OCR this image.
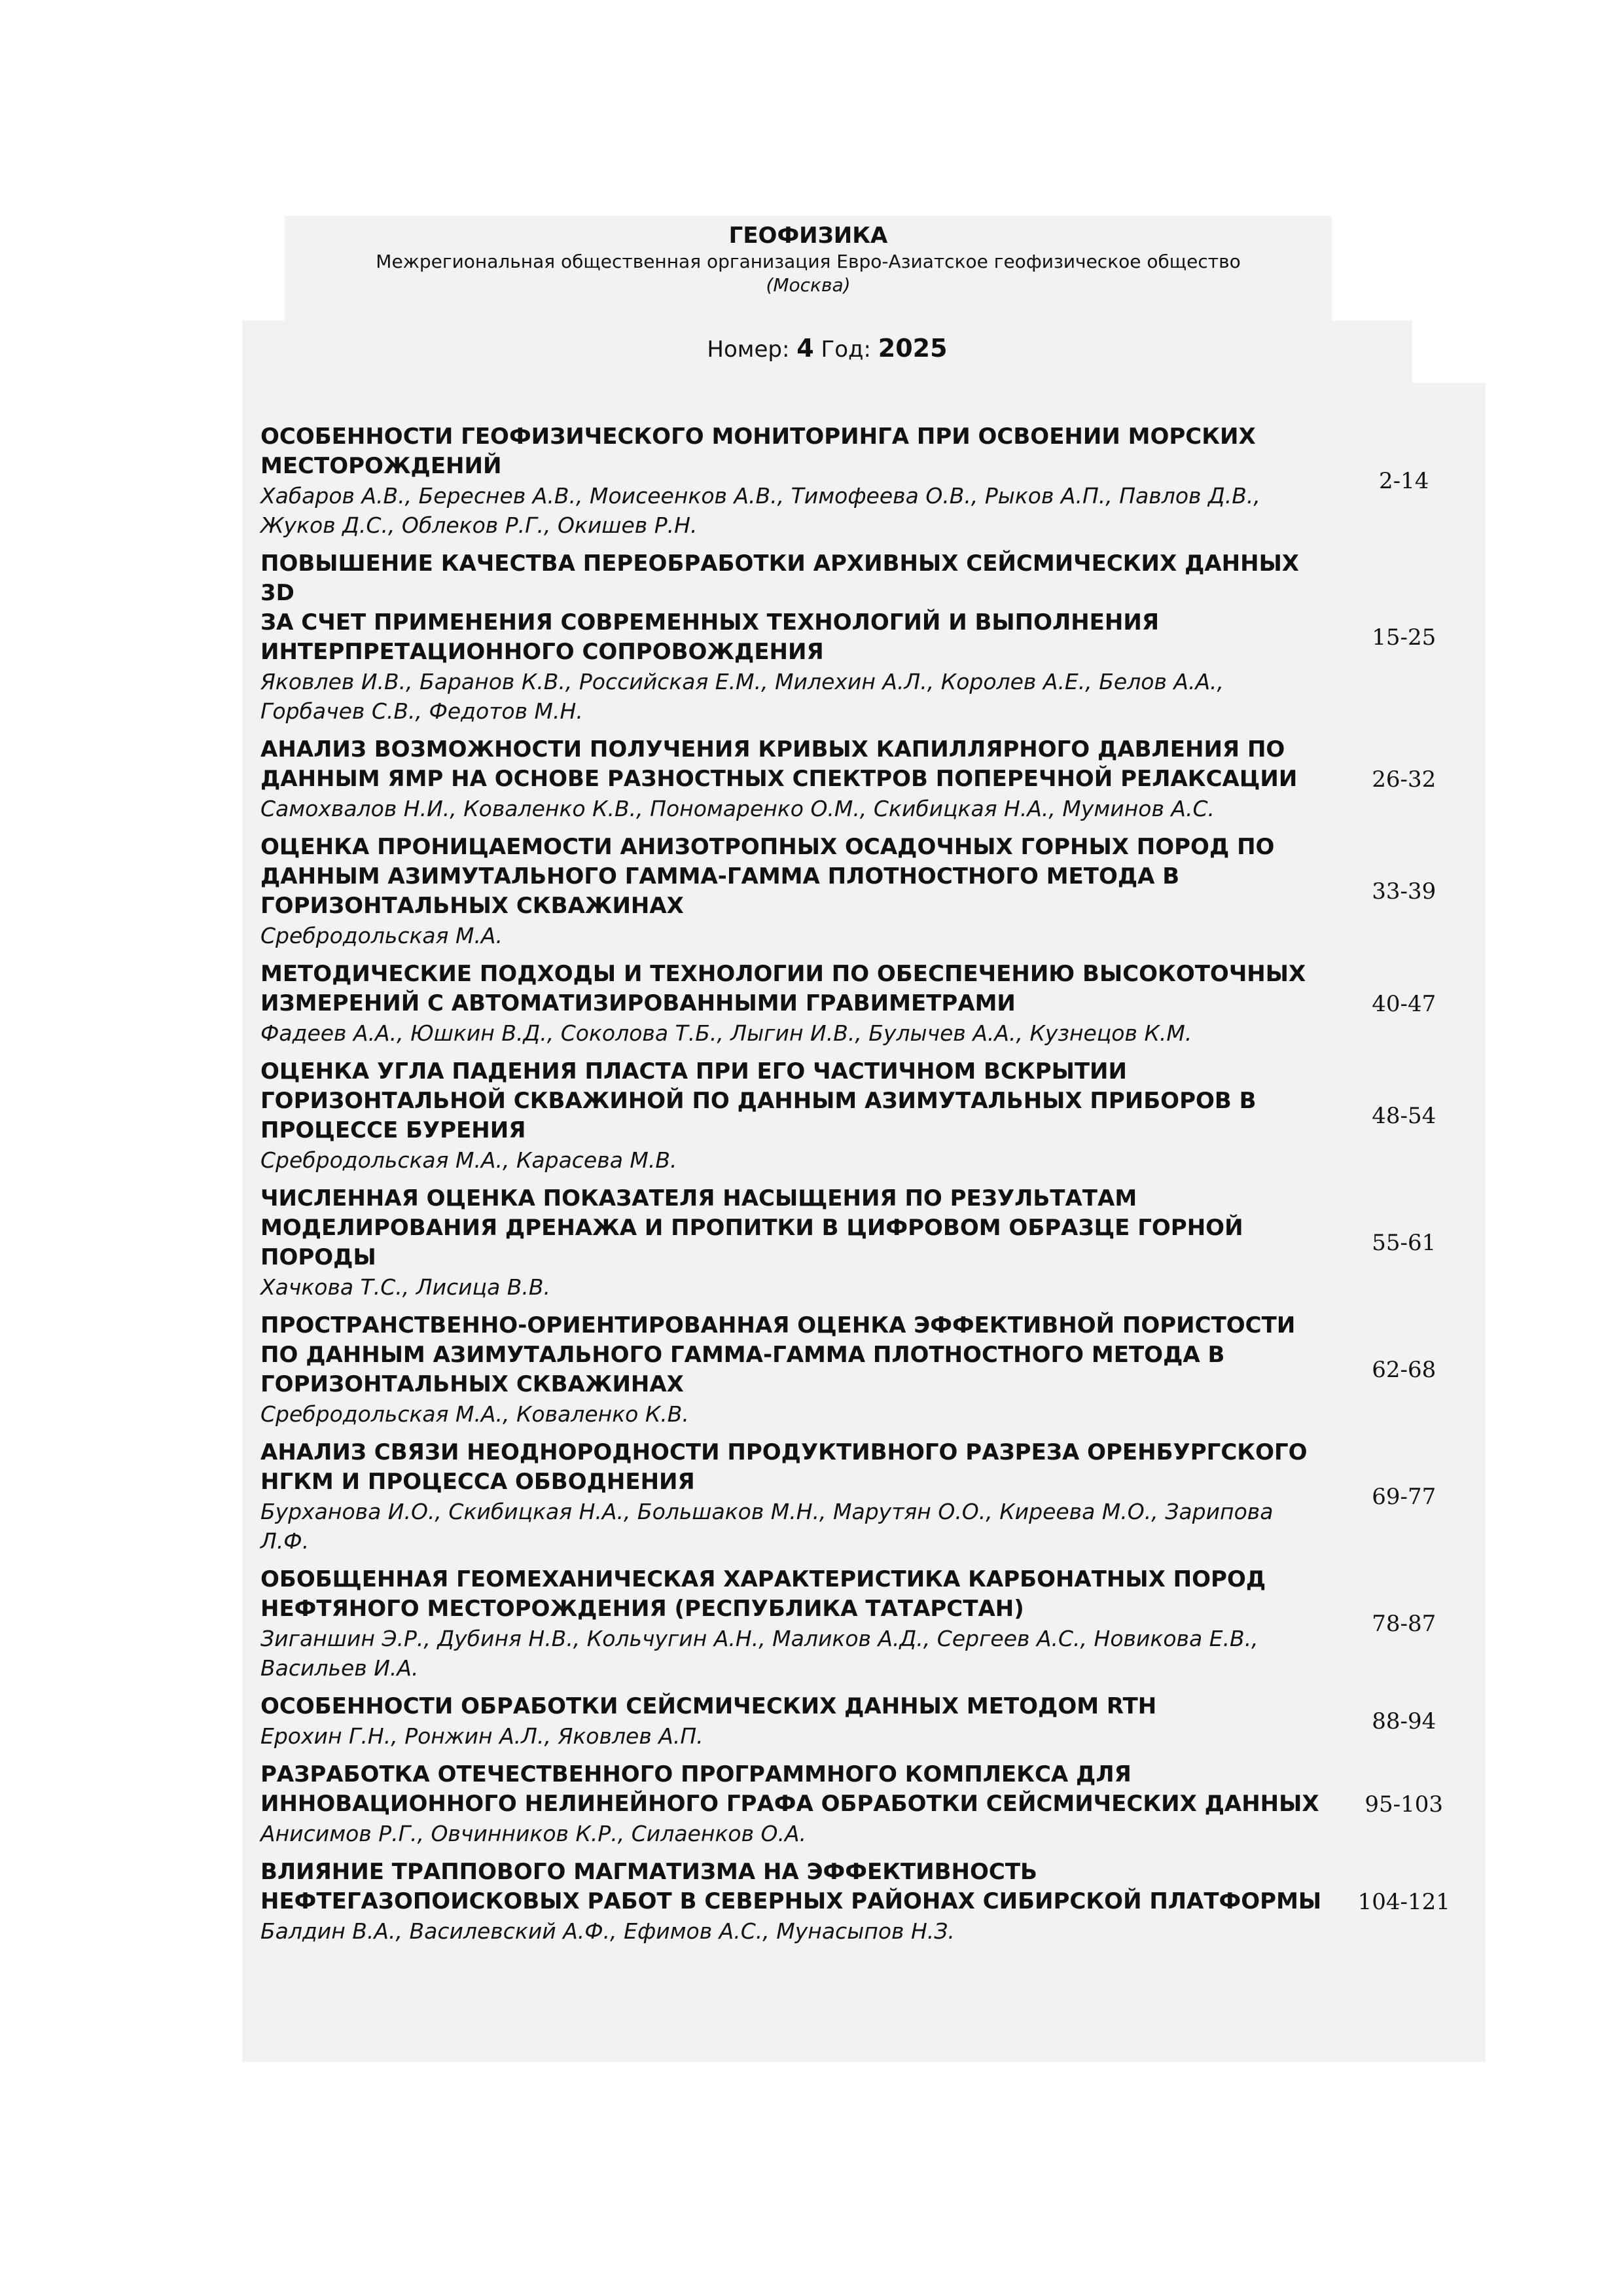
ГЕОФИЗИКА
Межрегиональная общественная организация Евро-Азиатское геофизическое общество
(Москва)
Номер: 4 Год: 2025
ОСОБЕННОСТИ ГЕОФИЗИЧЕСКОГО МОНИТОРИНГА ПРИ ОСВОЕНИИ МОРСКИХ
МЕСТОРОЖДЕНИЙ
Хабаров А.В., Береснев А.В., Моисеенков А.В., Тимофеева О.В., Рыков А.П., Павлов Д.В.,
Жуков Д.С., Облеков Р.Г., Окишев Р.Н.
2-14
ПОВЫШЕНИЕ КАЧЕСТВА ПЕРЕОБРАБОТКИ АРХИВНЫХ СЕЙСМИЧЕСКИХ ДАННЫХ 3D
ЗА СЧЕТ ПРИМЕНЕНИЯ СОВРЕМЕННЫХ ТЕХНОЛОГИЙ И ВЫПОЛНЕНИЯ
ИНТЕРПРЕТАЦИОННОГО СОПРОВОЖДЕНИЯ
Яковлев И.В., Баранов К.В., Российская Е.М., Милехин А.Л., Королев А.Е., Белов А.А.,
Горбачев С.В., Федотов М.Н.
15-25
АНАЛИЗ ВОЗМОЖНОСТИ ПОЛУЧЕНИЯ КРИВЫХ КАПИЛЛЯРНОГО ДАВЛЕНИЯ ПО
ДАННЫМ ЯМР НА ОСНОВЕ РАЗНОСТНЫХ СПЕКТРОВ ПОПЕРЕЧНОЙ РЕЛАКСАЦИИ
Самохвалов Н.И., Коваленко К.В., Пономаренко О.М., Скибицкая Н.А., Муминов А.С.
26-32
ОЦЕНКА ПРОНИЦАЕМОСТИ АНИЗОТРОПНЫХ ОСАДОЧНЫХ ГОРНЫХ ПОРОД ПО
ДАННЫМ АЗИМУТАЛЬНОГО ГАММА-ГАММА ПЛОТНОСТНОГО МЕТОДА В
ГОРИЗОНТАЛЬНЫХ СКВАЖИНАХ
Сребродольская М.А.
33-39
МЕТОДИЧЕСКИЕ ПОДХОДЫ И ТЕХНОЛОГИИ ПО ОБЕСПЕЧЕНИЮ ВЫСОКОТОЧНЫХ
ИЗМЕРЕНИЙ С АВТОМАТИЗИРОВАННЫМИ ГРАВИМЕТРАМИ
Фадеев А.А., Юшкин В.Д., Соколова Т.Б., Лыгин И.В., Булычев А.А., Кузнецов К.М.
40-47
ОЦЕНКА УГЛА ПАДЕНИЯ ПЛАСТА ПРИ ЕГО ЧАСТИЧНОМ ВСКРЫТИИ
ГОРИЗОНТАЛЬНОЙ СКВАЖИНОЙ ПО ДАННЫМ АЗИМУТАЛЬНЫХ ПРИБОРОВ В
ПРОЦЕССЕ БУРЕНИЯ
Сребродольская М.А., Карасева М.В.
48-54
ЧИСЛЕННАЯ ОЦЕНКА ПОКАЗАТЕЛЯ НАСЫЩЕНИЯ ПО РЕЗУЛЬТАТАМ
МОДЕЛИРОВАНИЯ ДРЕНАЖА И ПРОПИТКИ В ЦИФРОВОМ ОБРАЗЦЕ ГОРНОЙ
ПОРОДЫ
Хачкова Т.С., Лисица В.В.
55-61
ПРОСТРАНСТВЕННО-ОРИЕНТИРОВАННАЯ ОЦЕНКА ЭФФЕКТИВНОЙ ПОРИСТОСТИ
ПО ДАННЫМ АЗИМУТАЛЬНОГО ГАММА-ГАММА ПЛОТНОСТНОГО МЕТОДА В
ГОРИЗОНТАЛЬНЫХ СКВАЖИНАХ
Сребродольская М.А., Коваленко К.В.
62-68
АНАЛИЗ СВЯЗИ НЕОДНОРОДНОСТИ ПРОДУКТИВНОГО РАЗРЕЗА ОРЕНБУРГСКОГО
НГКМ И ПРОЦЕССА ОБВОДНЕНИЯ
Бурханова И.О., Скибицкая Н.А., Большаков М.Н., Марутян О.О., Киреева М.О., Зарипова
Л.Ф.
69-77
ОБОБЩЕННАЯ ГЕОМЕХАНИЧЕСКАЯ ХАРАКТЕРИСТИКА КАРБОНАТНЫХ ПОРОД
НЕФТЯНОГО МЕСТОРОЖДЕНИЯ (РЕСПУБЛИКА ТАТАРСТАН)
Зиганшин Э.Р., Дубиня Н.В., Кольчугин А.Н., Маликов А.Д., Сергеев А.С., Новикова Е.В.,
Васильев И.А.
78-87
ОСОБЕННОСТИ ОБРАБОТКИ СЕЙСМИЧЕСКИХ ДАННЫХ МЕТОДОМ RTH
Ерохин Г.Н., Ронжин А.Л., Яковлев А.П.
88-94
РАЗРАБОТКА ОТЕЧЕСТВЕННОГО ПРОГРАММНОГО КОМПЛЕКСА ДЛЯ
ИННОВАЦИОННОГО НЕЛИНЕЙНОГО ГРАФА ОБРАБОТКИ СЕЙСМИЧЕСКИХ ДАННЫХ
Анисимов Р.Г., Овчинников К.Р., Силаенков О.А.
95-103
ВЛИЯНИЕ ТРАППОВОГО МАГМАТИЗМА НА ЭФФЕКТИВНОСТЬ
НЕФТЕГАЗОПОИСКОВЫХ РАБОТ В СЕВЕРНЫХ РАЙОНАХ СИБИРСКОЙ ПЛАТФОРМЫ
Балдин В.А., Василевский А.Ф., Ефимов А.С., Мунасыпов Н.З.
104-121
